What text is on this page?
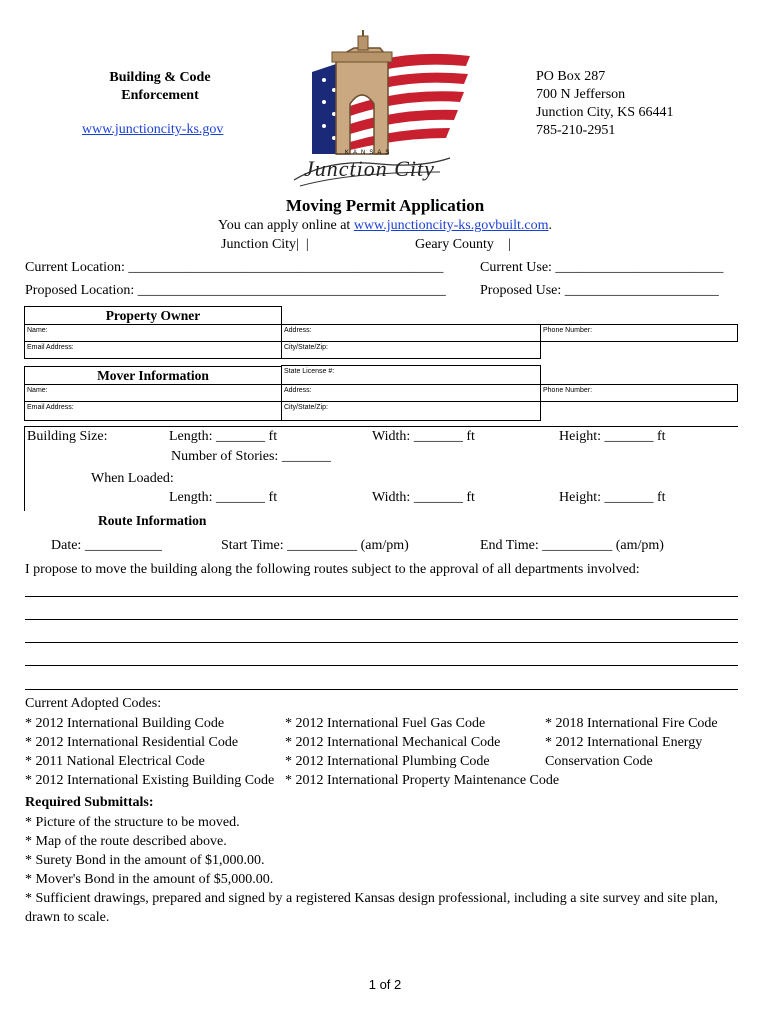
Building & Code
Enforcement
www.junctioncity-ks.gov
KANSAS
Junction City
PO Box 287
700 N Jefferson
Junction City, KS 66441
785-210-2951
Moving Permit Application
You can apply online at www.junctioncity-ks.govbuilt.com.
Junction City| |	Geary County |
Current Location: _____________________________________________	Current Use: ________________________
Proposed Location: ____________________________________________ Proposed Use: ______________________
Property Owner
Name:	Address:	Phone Number:
Email Address:	City/State/Zip:
Mover Information	State License #:
Name:	Address:	Phone Number:
Email Address:	City/State/Zip:
Building Size:	Length: _______ ft	Width: _______ ft	Height: _______ ft
Number of Stories: _______
When Loaded:
Length: _______ ft	Width: _______ ft	Height: _______ ft
Route Information
Date: ___________	Start Time: __________ (am/pm)	End Time: __________ (am/pm)
I propose to move the building along the following routes subject to the approval of all departments involved:
Current Adopted Codes:
* 2012 International Building Code
* 2012 International Residential Code
* 2011 National Electrical Code
* 2012 International Existing Building Code
* 2012 International Fuel Gas Code
* 2012 International Mechanical Code
* 2012 International Plumbing Code
* 2012 International Property Maintenance Code
* 2018 International Fire Code
* 2012 International Energy
Conservation Code
Required Submittals:
* Picture of the structure to be moved.
* Map of the route described above.
* Surety Bond in the amount of $1,000.00.
* Mover's Bond in the amount of $5,000.00.
* Sufficient drawings, prepared and signed by a registered Kansas design professional, including a site survey and site plan,
drawn to scale.
1 of 2
